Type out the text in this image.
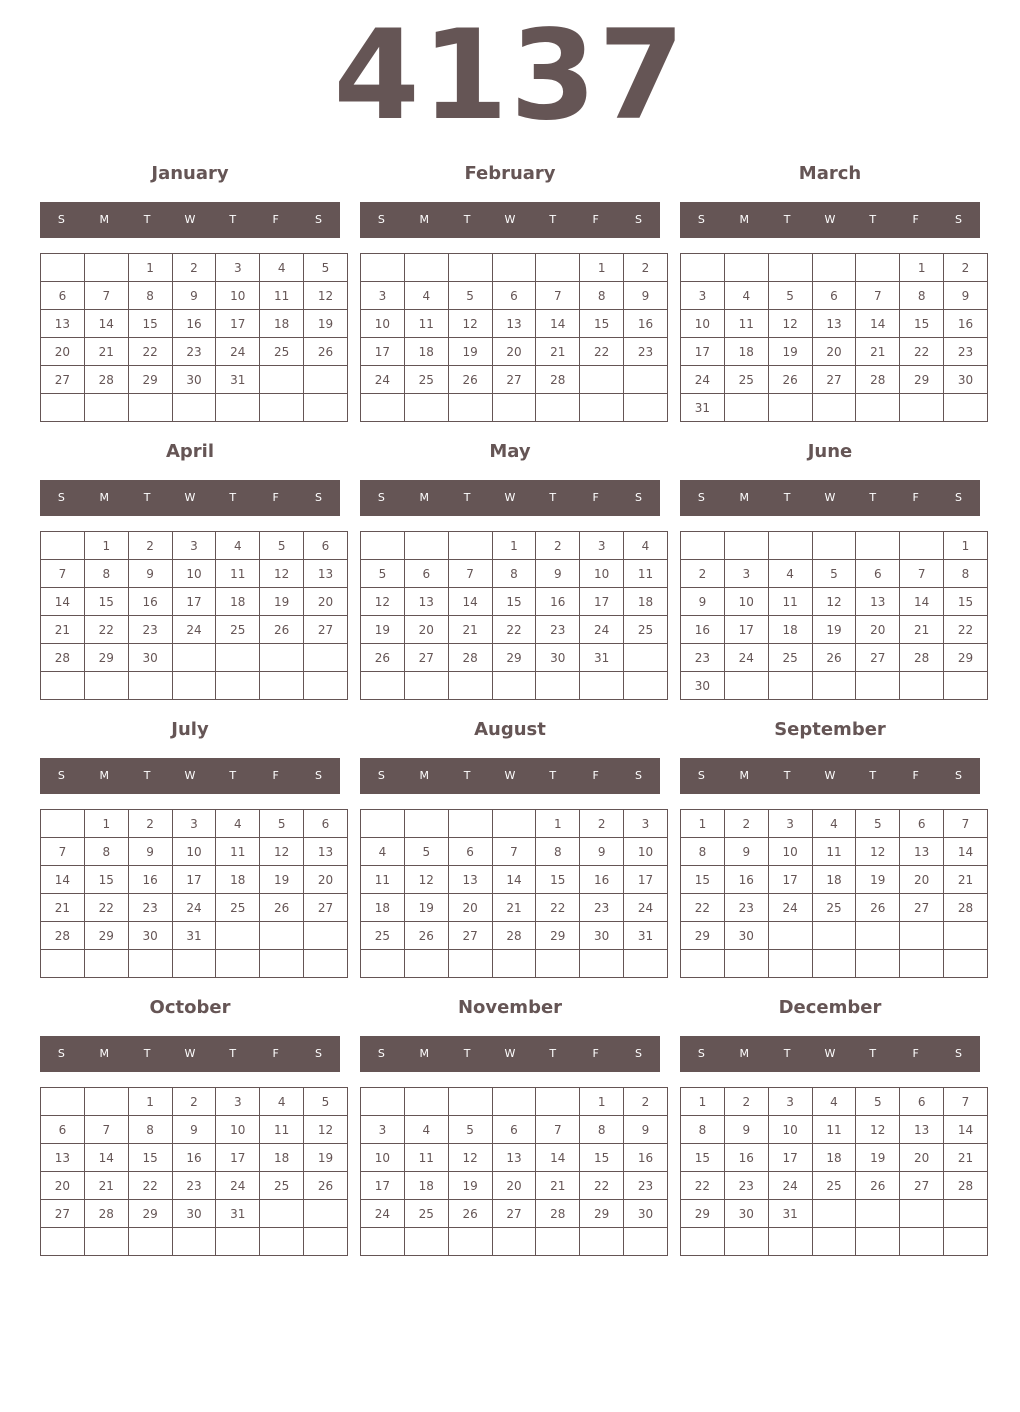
4137
January
S	M	T	W	T	F	S
		1	2	3	4	5
6	7	8	9	10	11	12
13	14	15	16	17	18	19
20	21	22	23	24	25	26
27	28	29	30	31		

February
S	M	T	W	T	F	S
					1	2
3	4	5	6	7	8	9
10	11	12	13	14	15	16
17	18	19	20	21	22	23
24	25	26	27	28		

March
S	M	T	W	T	F	S
					1	2
3	4	5	6	7	8	9
10	11	12	13	14	15	16
17	18	19	20	21	22	23
24	25	26	27	28	29	30
31						
April
S	M	T	W	T	F	S
	1	2	3	4	5	6
7	8	9	10	11	12	13
14	15	16	17	18	19	20
21	22	23	24	25	26	27
28	29	30				

May
S	M	T	W	T	F	S
			1	2	3	4
5	6	7	8	9	10	11
12	13	14	15	16	17	18
19	20	21	22	23	24	25
26	27	28	29	30	31	

June
S	M	T	W	T	F	S
						1
2	3	4	5	6	7	8
9	10	11	12	13	14	15
16	17	18	19	20	21	22
23	24	25	26	27	28	29
30						
July
S	M	T	W	T	F	S
	1	2	3	4	5	6
7	8	9	10	11	12	13
14	15	16	17	18	19	20
21	22	23	24	25	26	27
28	29	30	31			

August
S	M	T	W	T	F	S
				1	2	3
4	5	6	7	8	9	10
11	12	13	14	15	16	17
18	19	20	21	22	23	24
25	26	27	28	29	30	31

September
S	M	T	W	T	F	S
1	2	3	4	5	6	7
8	9	10	11	12	13	14
15	16	17	18	19	20	21
22	23	24	25	26	27	28
29	30					

October
S	M	T	W	T	F	S
		1	2	3	4	5
6	7	8	9	10	11	12
13	14	15	16	17	18	19
20	21	22	23	24	25	26
27	28	29	30	31		

November
S	M	T	W	T	F	S
					1	2
3	4	5	6	7	8	9
10	11	12	13	14	15	16
17	18	19	20	21	22	23
24	25	26	27	28	29	30

December
S	M	T	W	T	F	S
1	2	3	4	5	6	7
8	9	10	11	12	13	14
15	16	17	18	19	20	21
22	23	24	25	26	27	28
29	30	31				
